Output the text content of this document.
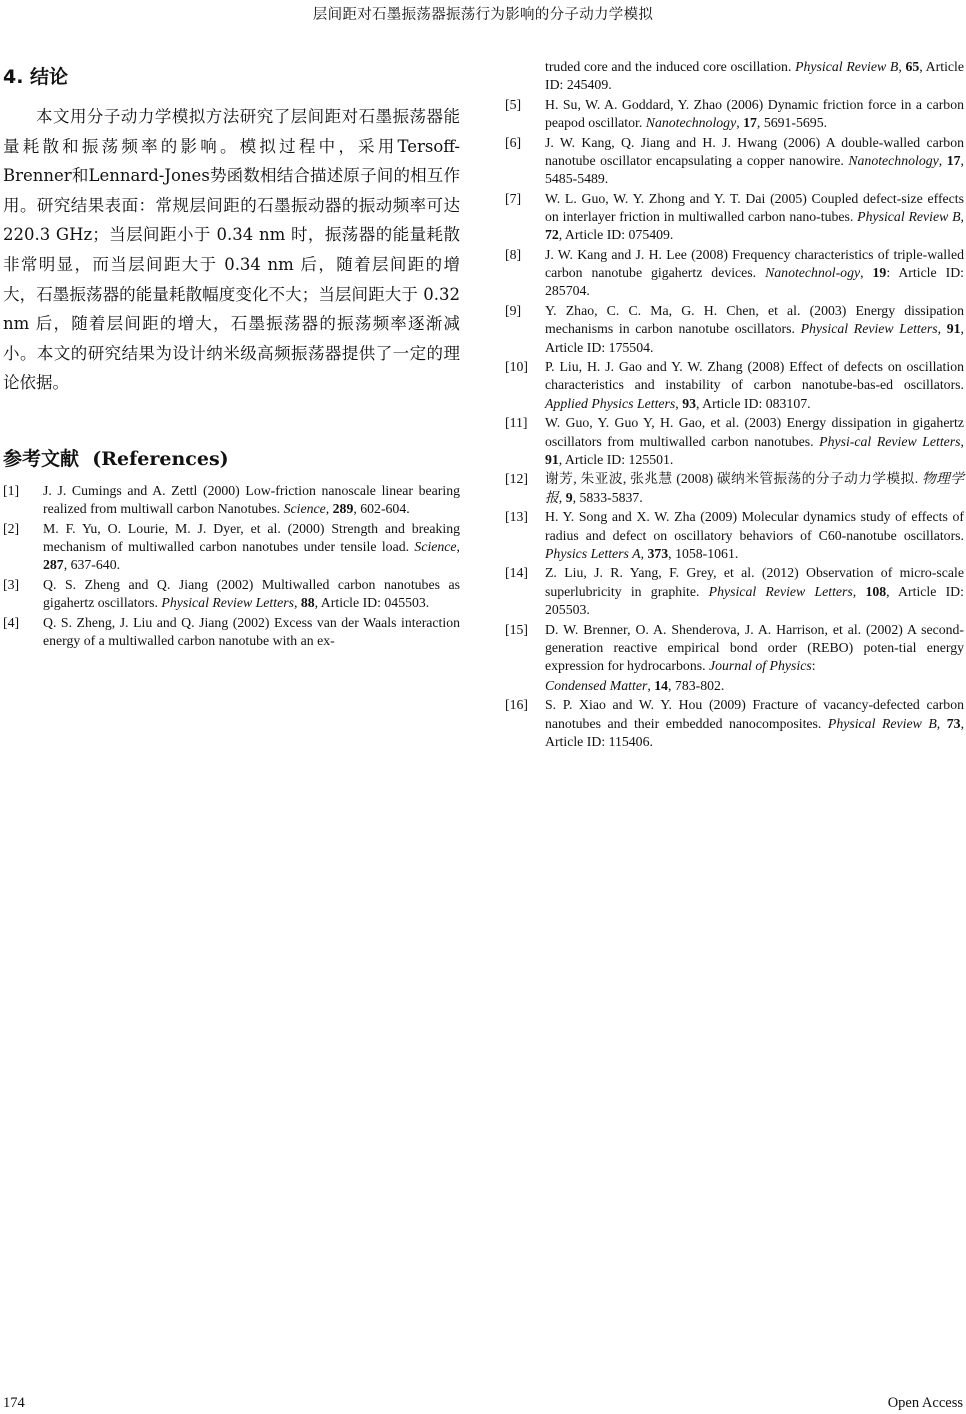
层间距对石墨振荡器振荡行为影响的分子动力学模拟
4. 结论

本文用分子动力学模拟方法研究了层间距对石墨振荡器能量耗散和振荡频率的影响。模拟过程中，采用Tersoff-Brenner和Lennard-Jones势函数相结合描述原子间的相互作用。研究结果表面：常规层间距的石墨振动器的振动频率可达 220.3 GHz；当层间距小于 0.34 nm 时，振荡器的能量耗散非常明显，而当层间距大于 0.34 nm 后，随着层间距的增大，石墨振荡器的能量耗散幅度变化不大；当层间距大于 0.32 nm 后，随着层间距的增大，石墨振荡器的振荡频率逐渐减小。本文的研究结果为设计纳米级高频振荡器提供了一定的理论依据。

参考文献 (References)
[1]	J. J. Cumings and A. Zettl (2000) Low-friction nanoscale linear bearing realized from multiwall carbon Nanotubes. Science, 289, 602-604.
[2]	M. F. Yu, O. Lourie, M. J. Dyer, et al. (2000) Strength and breaking mechanism of multiwalled carbon nanotubes under tensile load. Science, 287, 637-640.
[3]	Q. S. Zheng and Q. Jiang (2002) Multiwalled carbon nanotubes as gigahertz oscillators. Physical Review Letters, 88, Article ID: 045503.
[4]	Q. S. Zheng, J. Liu and Q. Jiang (2002) Excess van der Waals interaction energy of a multiwalled carbon nanotube with an ex-
truded core and the induced core oscillation. Physical Review B, 65, Article ID: 245409.
[5]	H. Su, W. A. Goddard, Y. Zhao (2006) Dynamic friction force in a carbon peapod oscillator. Nanotechnology, 17, 5691-5695.
[6]	J. W. Kang, Q. Jiang and H. J. Hwang (2006) A double-walled carbon nanotube oscillator encapsulating a copper nanowire. Nanotechnology, 17, 5485-5489.
[7]	W. L. Guo, W. Y. Zhong and Y. T. Dai (2005) Coupled defect-size effects on interlayer friction in multiwalled carbon nano-tubes. Physical Review B, 72, Article ID: 075409.
[8]	J. W. Kang and J. H. Lee (2008) Frequency characteristics of triple-walled carbon nanotube gigahertz devices. Nanotechnol-ogy, 19: Article ID: 285704.
[9]	Y. Zhao, C. C. Ma, G. H. Chen, et al. (2003) Energy dissipation mechanisms in carbon nanotube oscillators. Physical Review Letters, 91, Article ID: 175504.
[10]	P. Liu, H. J. Gao and Y. W. Zhang (2008) Effect of defects on oscillation characteristics and instability of carbon nanotube-bas-ed oscillators. Applied Physics Letters, 93, Article ID: 083107.
[11]	W. Guo, Y. Guo Y, H. Gao, et al. (2003) Energy dissipation in gigahertz oscillators from multiwalled carbon nanotubes. Physi-cal Review Letters, 91, Article ID: 125501.
[12]	谢芳, 朱亚波, 张兆慧 (2008) 碳纳米管振荡的分子动力学模拟. 物理学报, 9, 5833-5837.
[13]	H. Y. Song and X. W. Zha (2009) Molecular dynamics study of effects of radius and defect on oscillatory behaviors of C60-nanotube oscillators. Physics Letters A, 373, 1058-1061.
[14]	Z. Liu, J. R. Yang, F. Grey, et al. (2012) Observation of micro-scale superlubricity in graphite. Physical Review Letters, 108, Article ID: 205503.
[15]	D. W. Brenner, O. A. Shenderova, J. A. Harrison, et al. (2002) A second-generation reactive empirical bond order (REBO) poten-tial energy expression for hydrocarbons. Journal of Physics:
Condensed Matter, 14, 783-802.
[16]	S. P. Xiao and W. Y. Hou (2009) Fracture of vacancy-defected carbon nanotubes and their embedded nanocomposites. Physical Review B, 73, Article ID: 115406.
174	Open Access
